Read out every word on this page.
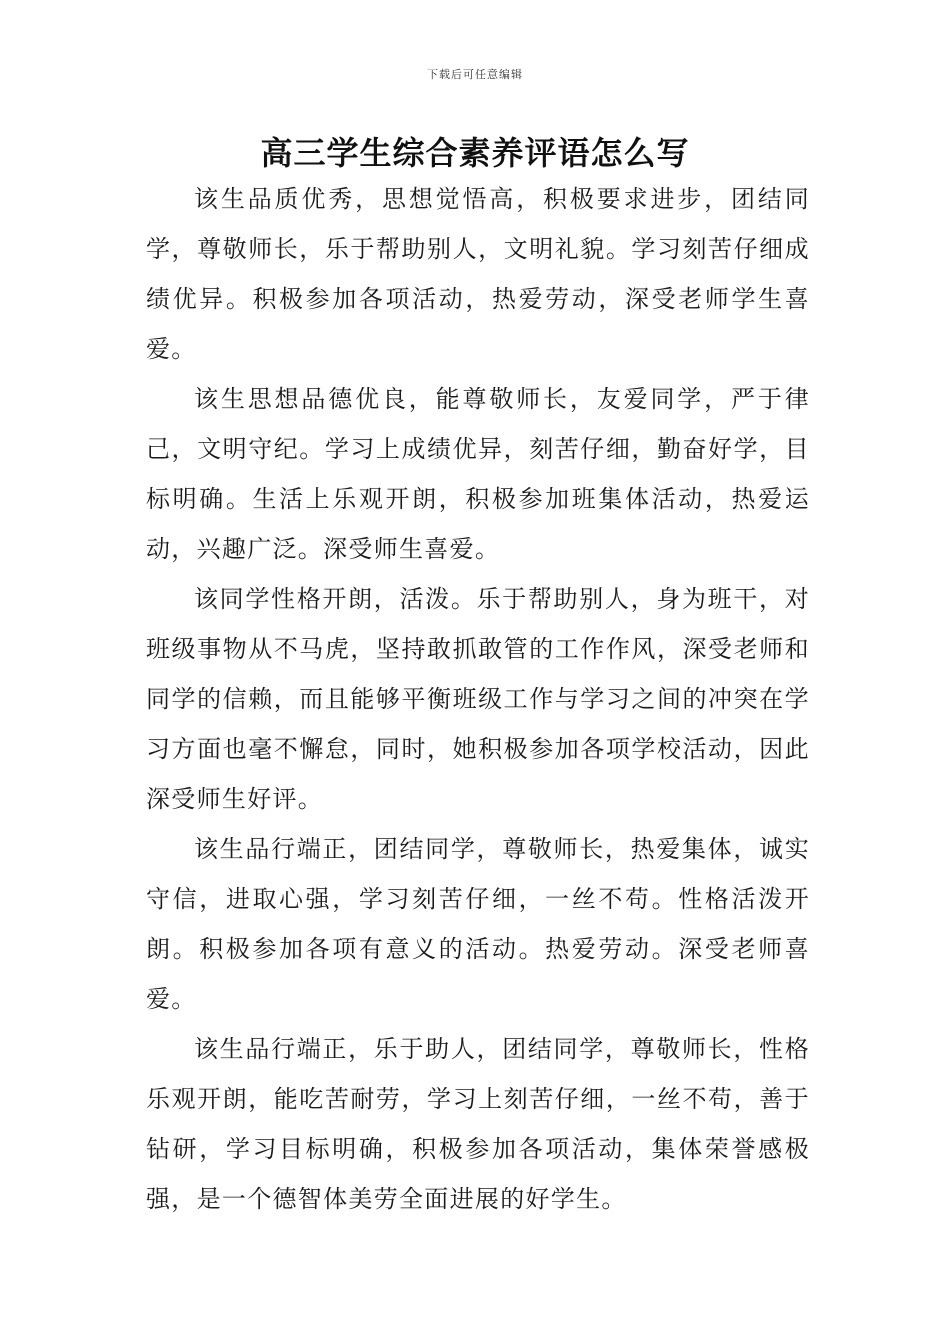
下载后可任意编辑
高三学生综合素养评语怎么写

该生品质优秀，思想觉悟高，积极要求进步，团结同学，尊敬师长，乐于帮助别人，文明礼貌。学习刻苦仔细成绩优异。积极参加各项活动，热爱劳动，深受老师学生喜爱。

该生思想品德优良，能尊敬师长，友爱同学，严于律己，文明守纪。学习上成绩优异，刻苦仔细，勤奋好学，目标明确。生活上乐观开朗，积极参加班集体活动，热爱运动，兴趣广泛。深受师生喜爱。

该同学性格开朗，活泼。乐于帮助别人，身为班干，对班级事物从不马虎，坚持敢抓敢管的工作作风，深受老师和同学的信赖，而且能够平衡班级工作与学习之间的冲突在学习方面也毫不懈怠，同时，她积极参加各项学校活动，因此深受师生好评。

该生品行端正，团结同学，尊敬师长，热爱集体，诚实守信，进取心强，学习刻苦仔细，一丝不苟。性格活泼开朗。积极参加各项有意义的活动。热爱劳动。深受老师喜爱。

该生品行端正，乐于助人，团结同学，尊敬师长，性格乐观开朗，能吃苦耐劳，学习上刻苦仔细，一丝不苟，善于钻研，学习目标明确，积极参加各项活动，集体荣誉感极强，是一个德智体美劳全面进展的好学生。
